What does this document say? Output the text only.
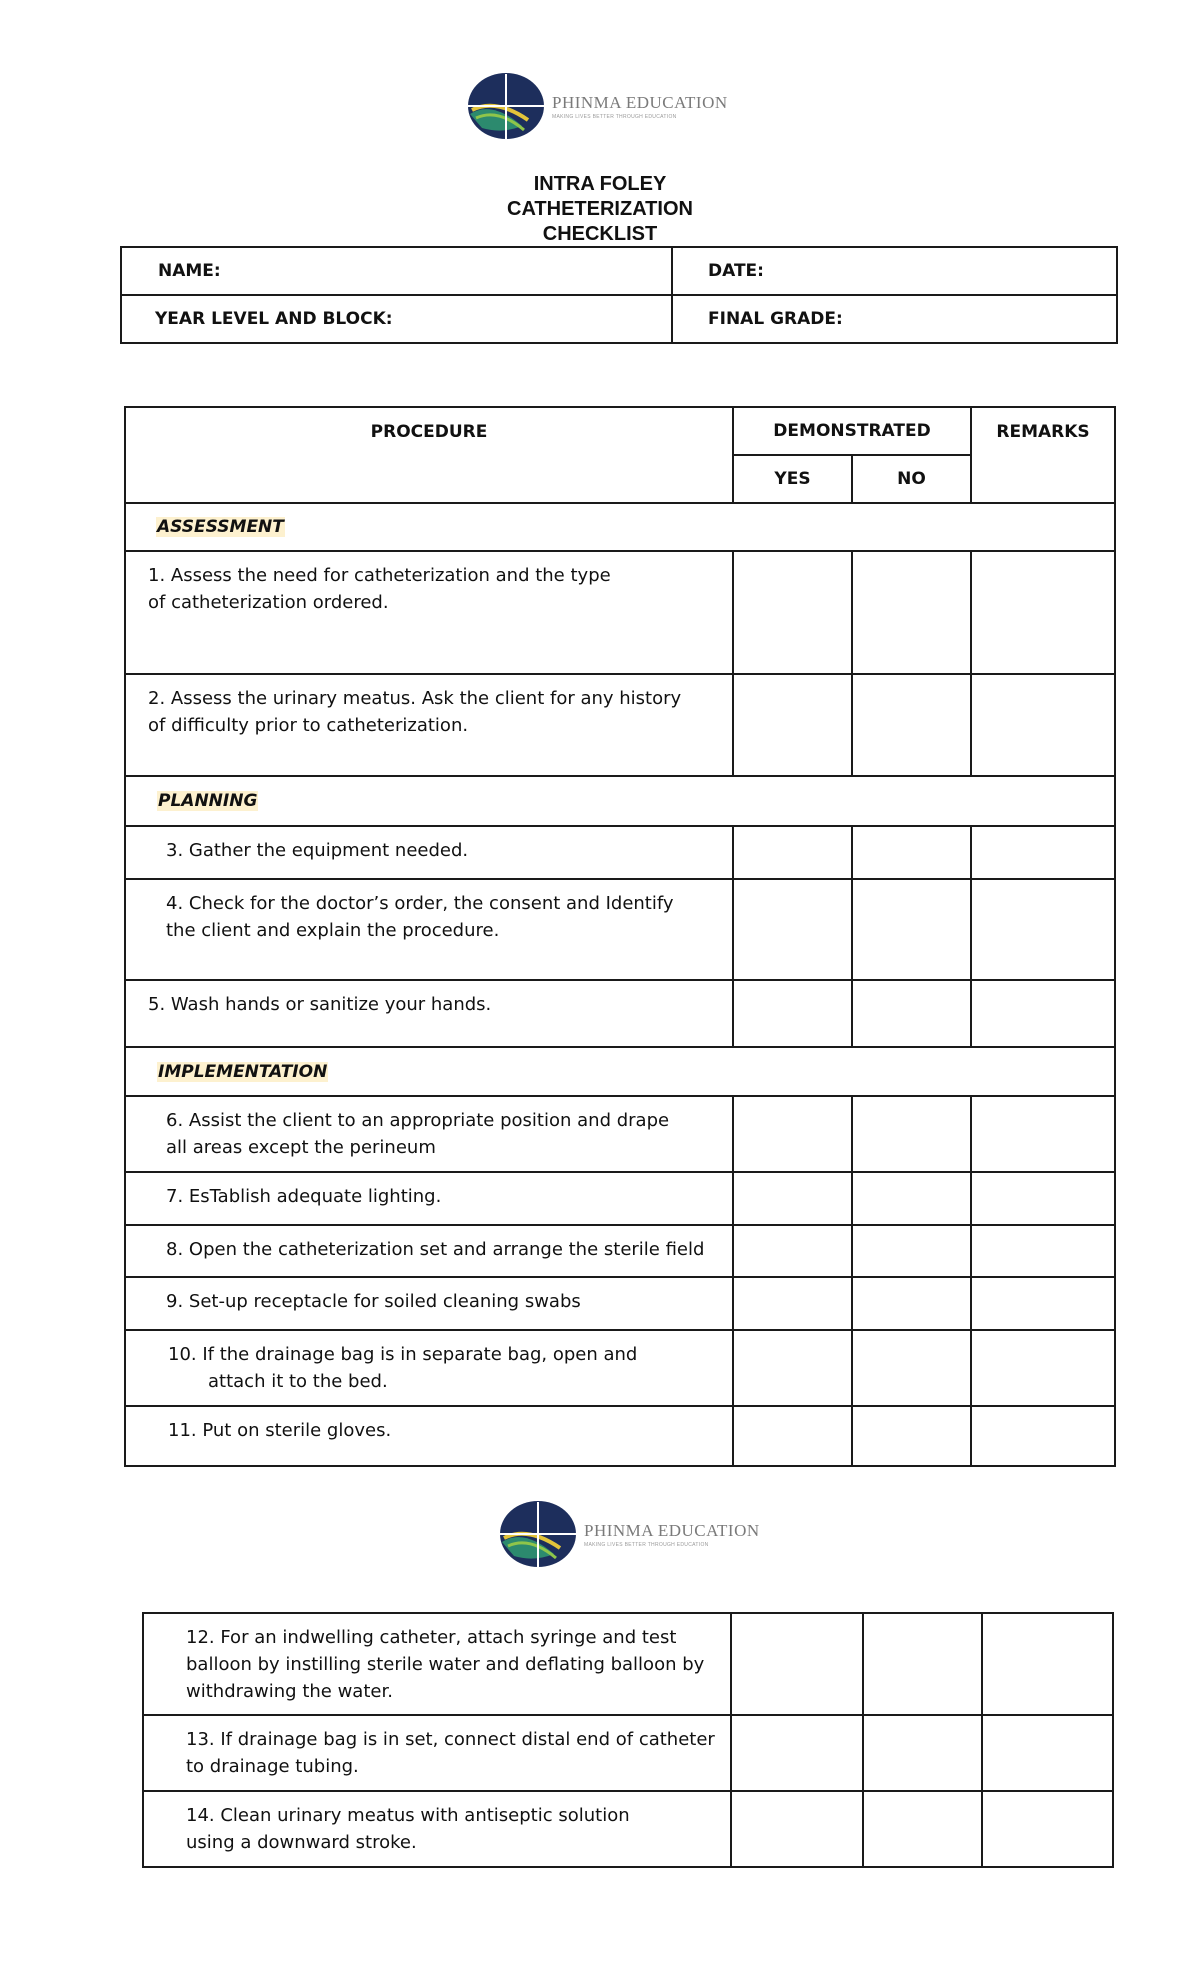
PHINMA EDUCATION
MAKING LIVES BETTER THROUGH EDUCATION
INTRA FOLEY
CATHETERIZATION
CHECKLIST
NAME:	DATE:
YEAR LEVEL AND BLOCK:	FINAL GRADE:
PROCEDURE	DEMONSTRATED		REMARKS
	YES	NO	
ASSESSMENT			

1. Assess the need for catheterization and the type
of catheterization ordered.			

2. Assess the urinary meatus. Ask the client for any history
of difficulty prior to catheterization.			

PLANNING			

3. Gather the equipment needed.			

4. Check for the doctor’s order, the consent and Identify
the client and explain the procedure.			

5. Wash hands or sanitize your hands.			

IMPLEMENTATION			

6. Assist the client to an appropriate position and drape
all areas except the perineum			

7. EsTablish adequate lighting.			

8. Open the catheterization set and arrange the sterile field			

9. Set-up receptacle for soiled cleaning swabs			

10. If the drainage bag is in separate bag, open and
attach it to the bed.			

11. Put on sterile gloves.			

PHINMA EDUCATION
MAKING LIVES BETTER THROUGH EDUCATION
12. For an indwelling catheter, attach syringe and test
balloon by instilling sterile water and deflating balloon by
withdrawing the water.			

13. If drainage bag is in set, connect distal end of catheter
to drainage tubing.			

14. Clean urinary meatus with antiseptic solution
using a downward stroke.			
